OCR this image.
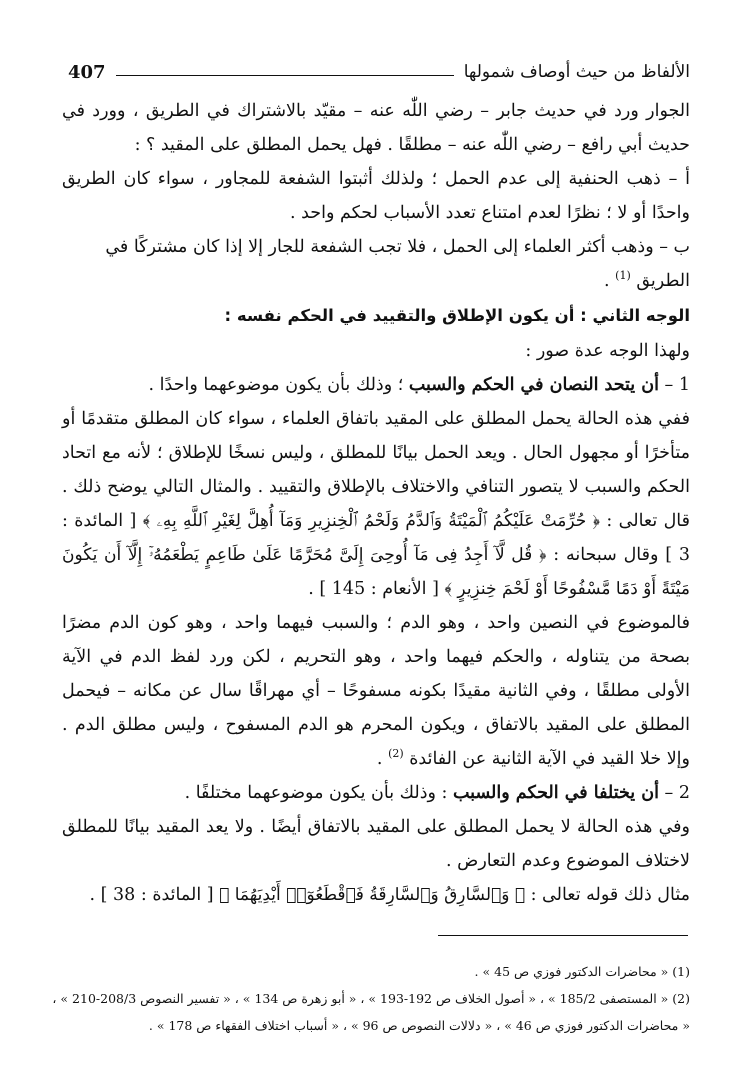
الألفاظ من حيث أوصاف شمولها
407

الجوار ورد في حديث جابر – رضي اللّٰه عنه – مقيّد بالاشتراك في الطريق ، وورد في حديث أبي رافع – رضي اللّٰه عنه – مطلقًا . فهل يحمل المطلق على المقيد ؟ :

أ – ذهب الحنفية إلى عدم الحمل ؛ ولذلك أثبتوا الشفعة للمجاور ، سواء كان الطريق واحدًا أو لا ؛ نظرًا لعدم امتناع تعدد الأسباب لحكم واحد .

ب – وذهب أكثر العلماء إلى الحمل ، فلا تجب الشفعة للجار إلا إذا كان مشتركًا في الطريق $^{(1)}$ .

الوجه الثاني : أن يكون الإطلاق والتقييد في الحكم نفسه :

ولهذا الوجه عدة صور :

1 – أن يتحد النصان في الحكم والسبب ؛ وذلك بأن يكون موضوعهما واحدًا .

ففي هذه الحالة يحمل المطلق على المقيد باتفاق العلماء ، سواء كان المطلق متقدمًا أو متأخرًا أو مجهول الحال . ويعد الحمل بيانًا للمطلق ، وليس نسخًا للإطلاق ؛ لأنه مع اتحاد الحكم والسبب لا يتصور التنافي والاختلاف بالإطلاق والتقييد . والمثال التالي يوضح ذلك . قال تعالى : ﴿ حُرِّمَتْ عَلَيْكُمُ ٱلْمَيْتَةُ وَٱلدَّمُ وَلَحْمُ ٱلْخِنزِيرِ وَمَآ أُهِلَّ لِغَيْرِ ٱللَّهِ بِهِۦ ﴾ [ المائدة : 3 ] وقال سبحانه : ﴿ قُل لَّآ أَجِدُ فِى مَآ أُوحِىَ إِلَىَّ مُحَرَّمًا عَلَىٰ طَاعِمٍ يَطْعَمُهُۥٓ إِلَّآ أَن يَكُونَ مَيْتَةً أَوْ دَمًا مَّسْفُوحًا أَوْ لَحْمَ خِنزِيرٍ ﴾ [ الأنعام : 145 ] .

فالموضوع في النصين واحد ، وهو الدم ؛ والسبب فيهما واحد ، وهو كون الدم مضرًا بصحة من يتناوله ، والحكم فيهما واحد ، وهو التحريم ، لكن ورد لفظ الدم في الآية الأولى مطلقًا ، وفي الثانية مقيدًا بكونه مسفوحًا – أي مهراقًا سال عن مكانه – فيحمل المطلق على المقيد بالاتفاق ، ويكون المحرم هو الدم المسفوح ، وليس مطلق الدم . وإلا خلا القيد في الآية الثانية عن الفائدة $^{(2)}$ .

2 – أن يختلفا في الحكم والسبب : وذلك بأن يكون موضوعهما مختلفًا .

وفي هذه الحالة لا يحمل المطلق على المقيد بالاتفاق أيضًا . ولا يعد المقيد بيانًا للمطلق لاختلاف الموضوع وعدم التعارض .

مثال ذلك قوله تعالى : ﴿ وَٱلسَّارِقُ وَٱلسَّارِقَةُ فَٱقْطَعُوٓا۟ أَيْدِيَهُمَا ﴾ [ المائدة : 38 ] .

(1) « محاضرات الدكتور فوزي ص 45 » .

(2) « المستصفى 185/2 » ، « أصول الخلاف ص 192-193 » ، « أبو زهرة ص 134 » ، « تفسير النصوص 208/3-210 » ،

« محاضرات الدكتور فوزي ص 46 » ، « دلالات النصوص ص 96 » ، « أسباب اختلاف الفقهاء ص 178 » .
